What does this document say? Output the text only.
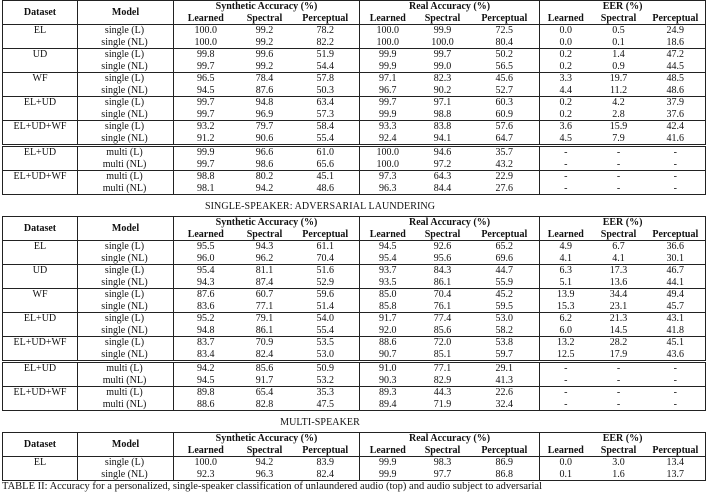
Dataset	Model	Synthetic Accuracy (%)			Real Accuracy (%)			EER (%)		
		Learned	Spectral	Perceptual	Learned	Spectral	Perceptual	Learned	Spectral	Perceptual
EL	single (L)	100.0	99.2	78.2	100.0	99.9	72.5	0.0	0.5	24.9
	single (NL)	100.0	99.2	82.2	100.0	100.0	80.4	0.0	0.1	18.6
UD	single (L)	99.8	99.6	51.9	99.9	99.7	50.2	0.2	1.4	47.2
	single (NL)	99.7	99.2	54.4	99.9	99.0	56.5	0.2	0.9	44.5
WF	single (L)	96.5	78.4	57.8	97.1	82.3	45.6	3.3	19.7	48.5
	single (NL)	94.5	87.6	50.3	96.7	90.2	52.7	4.4	11.2	48.6
EL+UD	single (L)	99.7	94.8	63.4	99.7	97.1	60.3	0.2	4.2	37.9
	single (NL)	99.7	96.9	57.3	99.9	98.8	60.9	0.2	2.8	37.6
EL+UD+WF	single (L)	93.2	79.7	58.4	93.3	83.8	57.6	3.6	15.9	42.4
	single (NL)	91.2	90.6	55.4	92.4	94.1	64.7	4.5	7.9	41.6
EL+UD	multi (L)	99.9	96.6	61.0	100.0	94.6	35.7	-	-	-
	multi (NL)	99.7	98.6	65.6	100.0	97.2	43.2	-	-	-
EL+UD+WF	multi (L)	98.8	80.2	45.1	97.3	64.3	22.9	-	-	-
	multi (NL)	98.1	94.2	48.6	96.3	84.4	27.6	-	-	-
SINGLE-SPEAKER: ADVERSARIAL LAUNDERING
Dataset	Model	Synthetic Accuracy (%)			Real Accuracy (%)			EER (%)		
		Learned	Spectral	Perceptual	Learned	Spectral	Perceptual	Learned	Spectral	Perceptual
EL	single (L)	95.5	94.3	61.1	94.5	92.6	65.2	4.9	6.7	36.6
	single (NL)	96.0	96.2	70.4	95.4	95.6	69.6	4.1	4.1	30.1
UD	single (L)	95.4	81.1	51.6	93.7	84.3	44.7	6.3	17.3	46.7
	single (NL)	94.3	87.4	52.9	93.5	86.1	55.9	5.1	13.6	44.1
WF	single (L)	87.6	60.7	59.6	85.0	70.4	45.2	13.9	34.4	49.4
	single (NL)	83.6	77.1	51.4	85.8	76.1	59.5	15.3	23.1	45.7
EL+UD	single (L)	95.2	79.1	54.0	91.7	77.4	53.0	6.2	21.3	43.1
	single (NL)	94.8	86.1	55.4	92.0	85.6	58.2	6.0	14.5	41.8
EL+UD+WF	single (L)	83.7	70.9	53.5	88.6	72.0	53.8	13.2	28.2	45.1
	single (NL)	83.4	82.4	53.0	90.7	85.1	59.7	12.5	17.9	43.6
EL+UD	multi (L)	94.2	85.6	50.9	91.0	77.1	29.1	-	-	-
	multi (NL)	94.5	91.7	53.2	90.3	82.9	41.3	-	-	-
EL+UD+WF	multi (L)	89.8	65.4	35.3	89.3	44.3	22.6	-	-	-
	multi (NL)	88.6	82.8	47.5	89.4	71.9	32.4	-	-	-
MULTI-SPEAKER
Dataset	Model	Synthetic Accuracy (%)			Real Accuracy (%)			EER (%)		
		Learned	Spectral	Perceptual	Learned	Spectral	Perceptual	Learned	Spectral	Perceptual
EL	single (L)	100.0	94.2	83.9	99.9	98.3	86.9	0.0	3.0	13.4
	single (NL)	92.3	96.3	82.4	99.9	97.7	86.8	0.1	1.6	13.7
TABLE II: Accuracy for a personalized, single-speaker classification of unlaundered audio (top) and audio subject to adversarial
